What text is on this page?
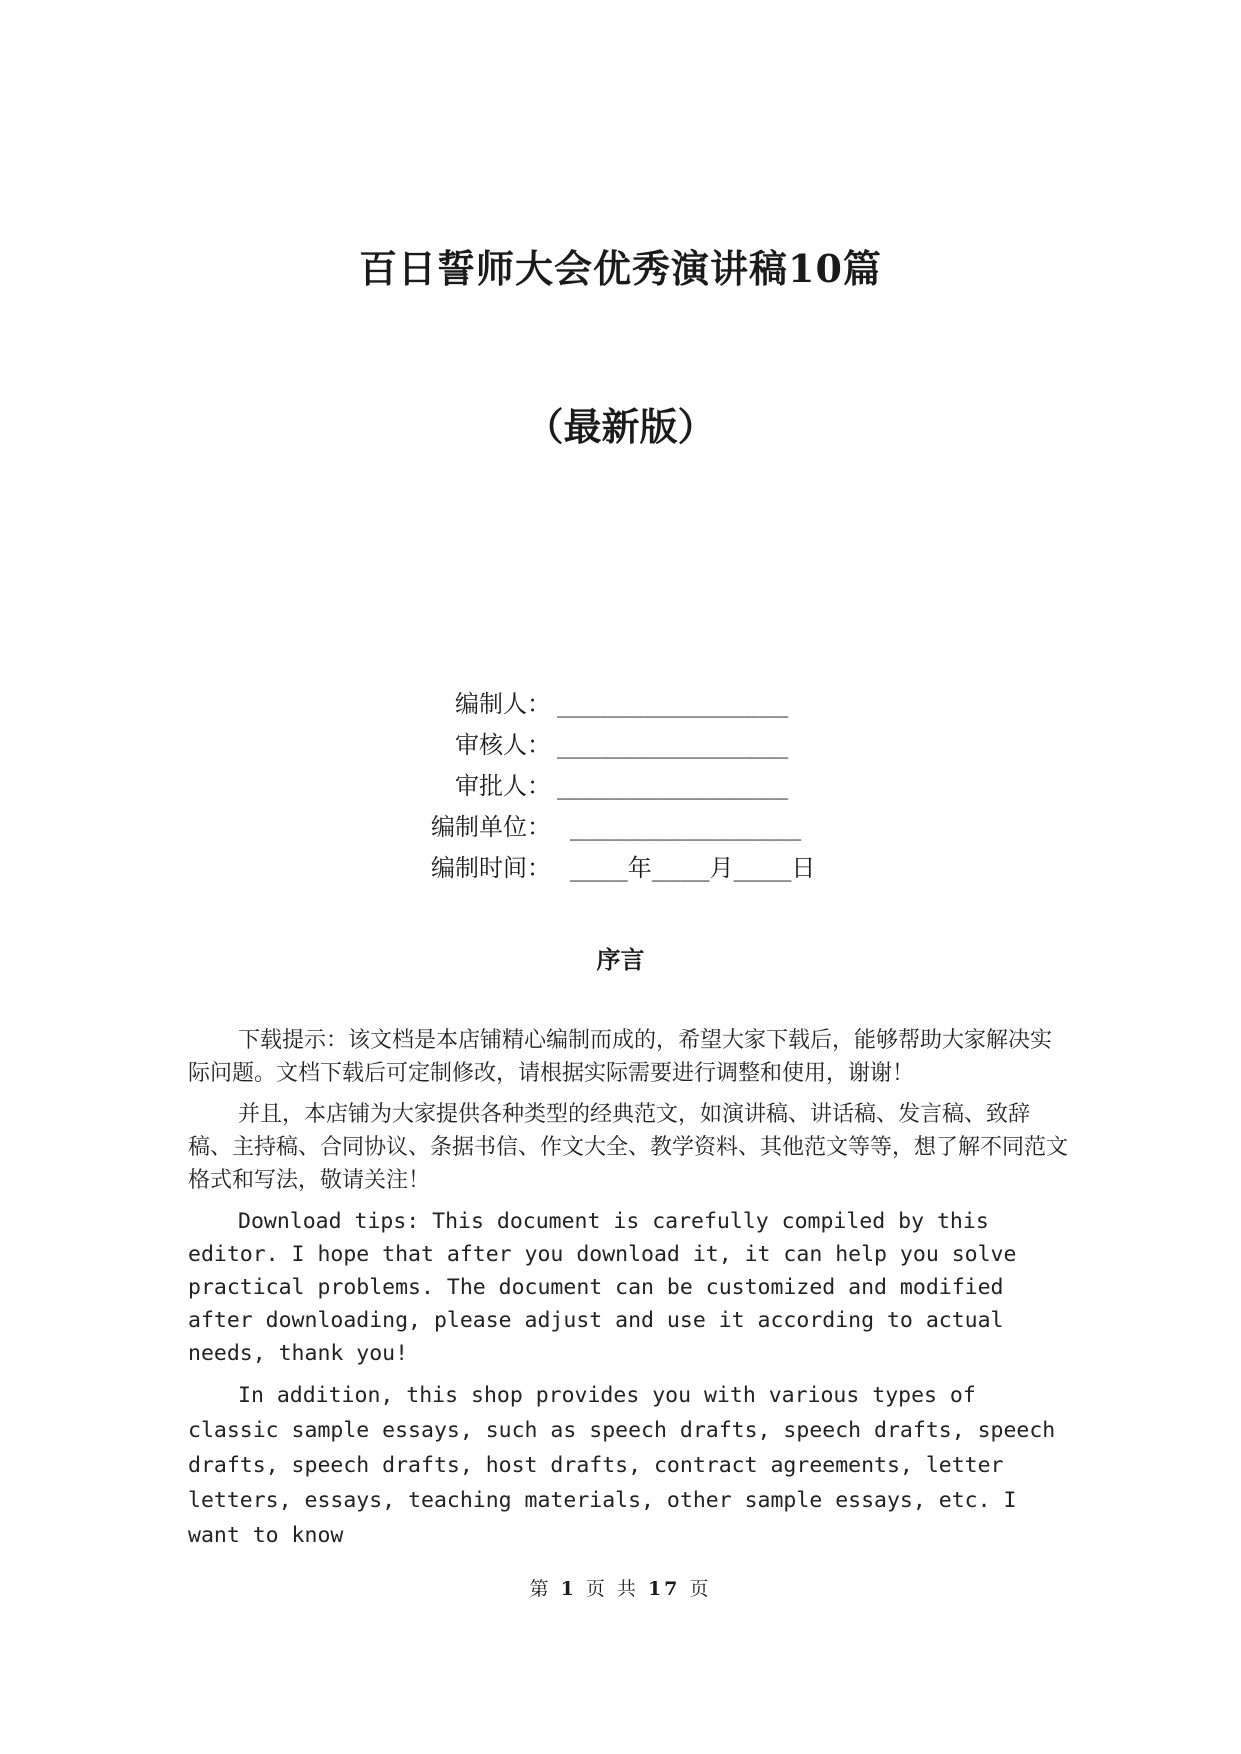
百日誓师大会优秀演讲稿10篇
（最新版）
编制人： ________________
审核人： ________________
审批人： ________________
编制单位： ________________
编制时间： ____年____月____日
序言

下载提示：该文档是本店铺精心编制而成的，希望大家下载后，能够帮助大家解决实际问题。文档下载后可定制修改，请根据实际需要进行调整和使用，谢谢！

并且，本店铺为大家提供各种类型的经典范文，如演讲稿、讲话稿、发言稿、致辞稿、主持稿、合同协议、条据书信、作文大全、教学资料、其他范文等等，想了解不同范文格式和写法，敬请关注！

Download tips: This document is carefully compiled by this editor. I hope that after you download it, it can help you solve practical problems. The document can be customized and modified after downloading, please adjust and use it according to actual needs, thank you!

In addition, this shop provides you with various types of classic sample essays, such as speech drafts, speech drafts, speech drafts, speech drafts, host drafts, contract agreements, letter letters, essays, teaching materials, other sample essays, etc. I want to know

第 1 页 共 17 页
